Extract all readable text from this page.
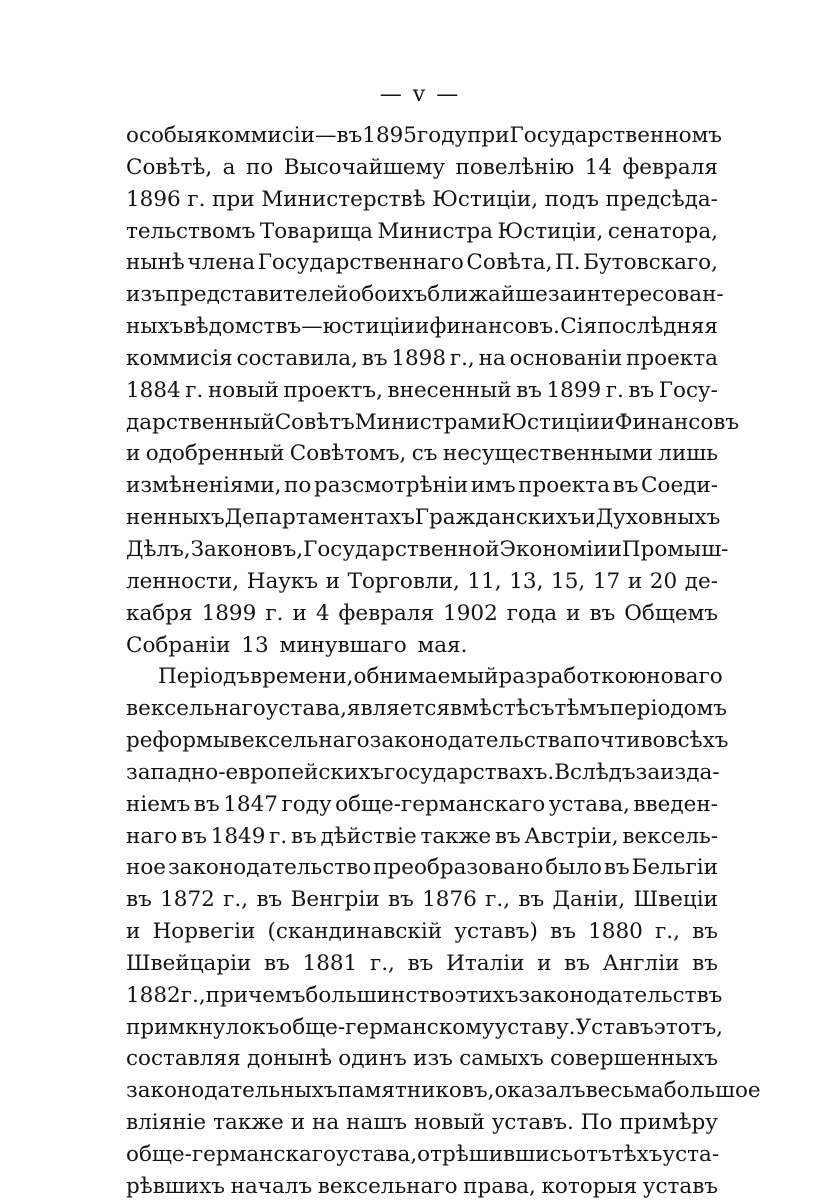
— v —
особыя коммисіи—въ 1895 году при Государственномъ
Совѣтѣ, а по Высочайшему повелѣнію 14 февраля
1896 г. при Министерствѣ Юстиціи, подъ предсѣда-
тельствомъ Товарища Министра Юстиціи, сенатора,
нынѣ члена Государственнаго Совѣта, П. Бутовскаго,
изъ представителей обоихъ ближайше заинтересован-
ныхъ вѣдомствъ—юстиціи и финансовъ. Сія послѣдняя
коммисія составила, въ 1898 г., на основаніи проекта
1884 г. новый проектъ, внесенный въ 1899 г. въ Госу-
дарственный Совѣтъ Министрами Юстиціи и Финансовъ
и одобренный Совѣтомъ, съ несущественными лишь
измѣненіями, по разсмотрѣніи имъ проекта въ Соеди-
ненныхъ Департаментахъ Гражданскихъ и Духовныхъ
Дѣлъ, Законовъ, Государственной Экономіи и Промыш-
ленности, Наукъ и Торговли, 11, 13, 15, 17 и 20 де-
кабря 1899 г. и 4 февраля 1902 года и въ Общемъ
Собраніи 13 минувшаго мая.
Періодъ времени, обнимаемый разработкою новаго
вексельнаго устава, является вмѣстѣ съ тѣмъ періодомъ
реформы вексельнаго законодательства почти во всѣхъ
западно-европейскихъ государствахъ. Вслѣдъ за изда-
ніемъ въ 1847 году обще-германскаго устава, введен-
наго въ 1849 г. въ дѣйствіе также въ Австріи, вексель-
ное законодательство преобразовано было въ Бельгіи
въ 1872 г., въ Венгріи въ 1876 г., въ Даніи, Швеціи
и Норвегіи (скандинавскій уставъ) въ 1880 г., въ
Швейцаріи въ 1881 г., въ Италіи и въ Англіи въ
1882 г., причемъ большинство этихъ законодательствъ
примкнуло къ обще-германскому уставу. Уставъ этотъ,
составляя донынѣ одинъ изъ самыхъ совершенныхъ
законодательныхъ памятниковъ, оказалъ весьма большое
вліяніе также и на нашъ новый уставъ. По примѣру
обще-германскаго устава, отрѣшившись отъ тѣхъ уста-
рѣвшихъ началъ вексельнаго права, которыя уставъ
